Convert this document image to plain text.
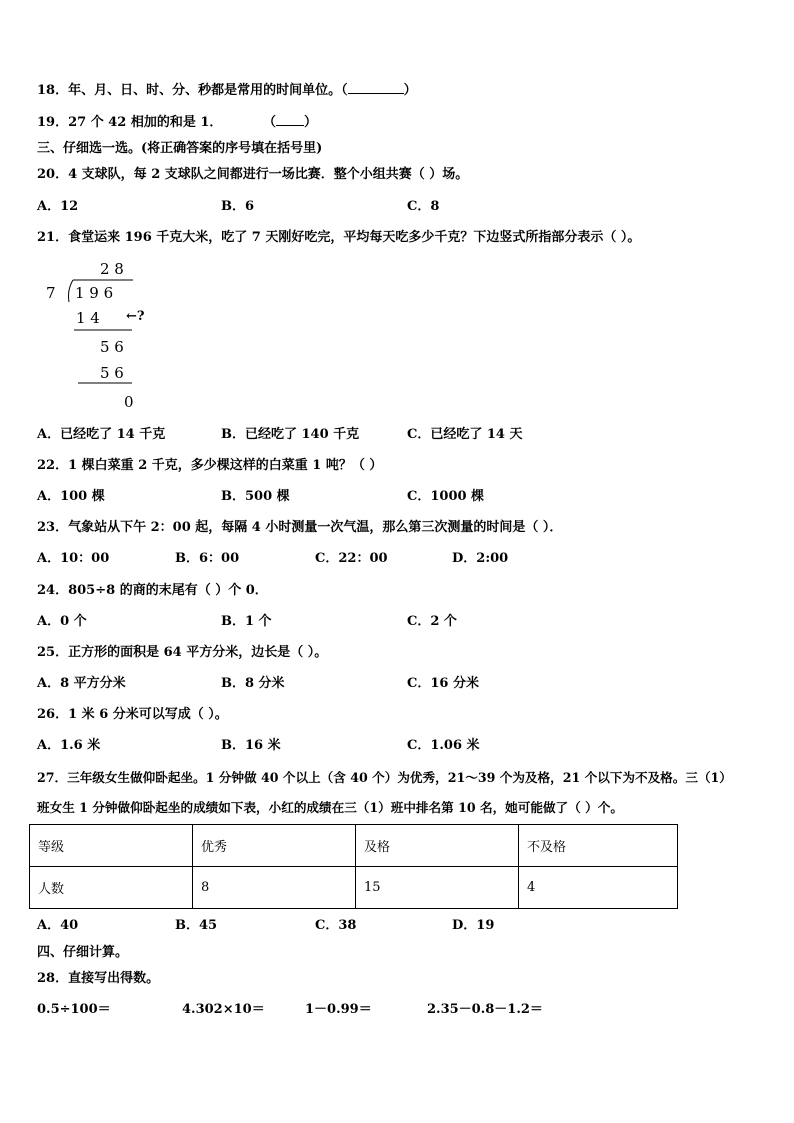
18．年、月、日、时、分、秒都是常用的时间单位。（	）
19．27 个 42 相加的和是 1．	（ ）
三、仔细选一选。(将正确答案的序号填在括号里)
20．4 支球队，每 2 支球队之间都进行一场比赛．整个小组共赛（ ）场。
A．12	B．6	C．8
21．食堂运来 196 千克大米，吃了 7 天刚好吃完，平均每天吃多少千克？下边竖式所指部分表示（ ）。
2 8
7 1 9 6
1 4 ←?
5 6
5 6
0
A．已经吃了 14 千克	B．已经吃了 140 千克	C．已经吃了 14 天
22．1 棵白菜重 2 千克，多少棵这样的白菜重 1 吨？（ ）
A．100 棵	B．500 棵	C．1000 棵
23．气象站从下午 2：00 起，每隔 4 小时测量一次气温，那么第三次测量的时间是（ ）．
A．10：00	B．6：00	C．22：00	D．2:00
24．805÷8 的商的末尾有（ ）个 0．
A．0 个	B．1 个	C．2 个
25．正方形的面积是 64 平方分米，边长是（ ）。
A．8 平方分米	B．8 分米	C．16 分米
26．1 米 6 分米可以写成（ ）。
A．1.6 米	B．16 米	C．1.06 米
27．三年级女生做仰卧起坐。1 分钟做 40 个以上（含 40 个）为优秀，21～39 个为及格，21 个以下为不及格。三（1）
班女生 1 分钟做仰卧起坐的成绩如下表，小红的成绩在三（1）班中排名第 10 名，她可能做了（ ）个。
等级	优秀	及格	不及格
人数	8	15	4
A．40	B．45	C．38	D．19
四、仔细计算。
28．直接写出得数。
0.5÷100＝	4.302×10＝	1－0.99＝	2.35－0.8－1.2＝
